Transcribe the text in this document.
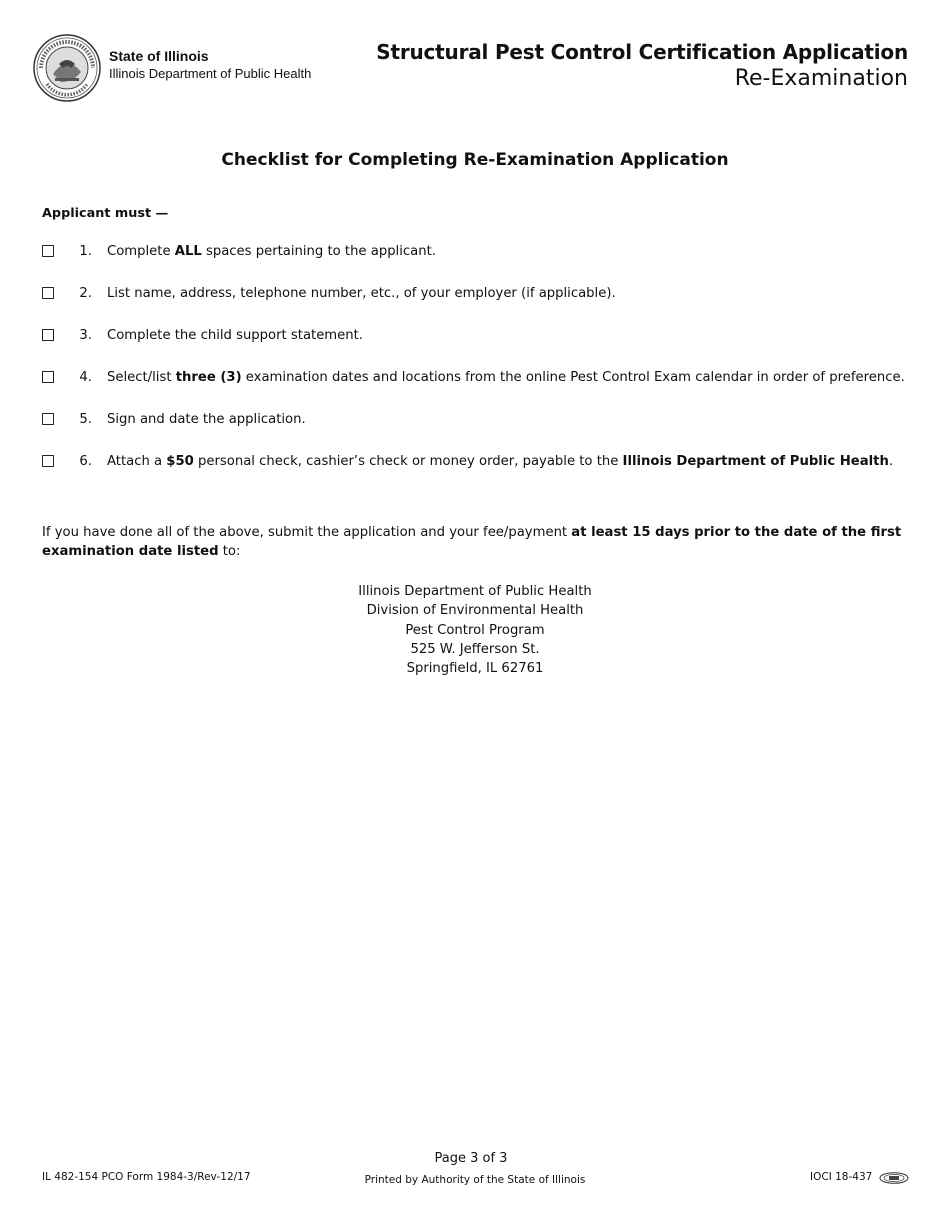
State of Illinois
Illinois Department of Public Health
Structural Pest Control Certification Application
Re-Examination
Checklist for Completing Re-Examination Application
Applicant must —
1. Complete ALL spaces pertaining to the applicant.
2. List name, address, telephone number, etc., of your employer (if applicable).
3. Complete the child support statement.
4. Select/list three (3) examination dates and locations from the online Pest Control Exam calendar in order of preference.
5. Sign and date the application.
6. Attach a $50 personal check, cashier’s check or money order, payable to the Illinois Department of Public Health.
If you have done all of the above, submit the application and your fee/payment at least 15 days prior to the date of the first examination date listed to:
Illinois Department of Public Health
Division of Environmental Health
Pest Control Program
525 W. Jefferson St.
Springfield, IL 62761
Page 3 of 3
IL 482-154 PCO Form 1984-3/Rev-12/17	Printed by Authority of the State of Illinois	IOCI 18-437
